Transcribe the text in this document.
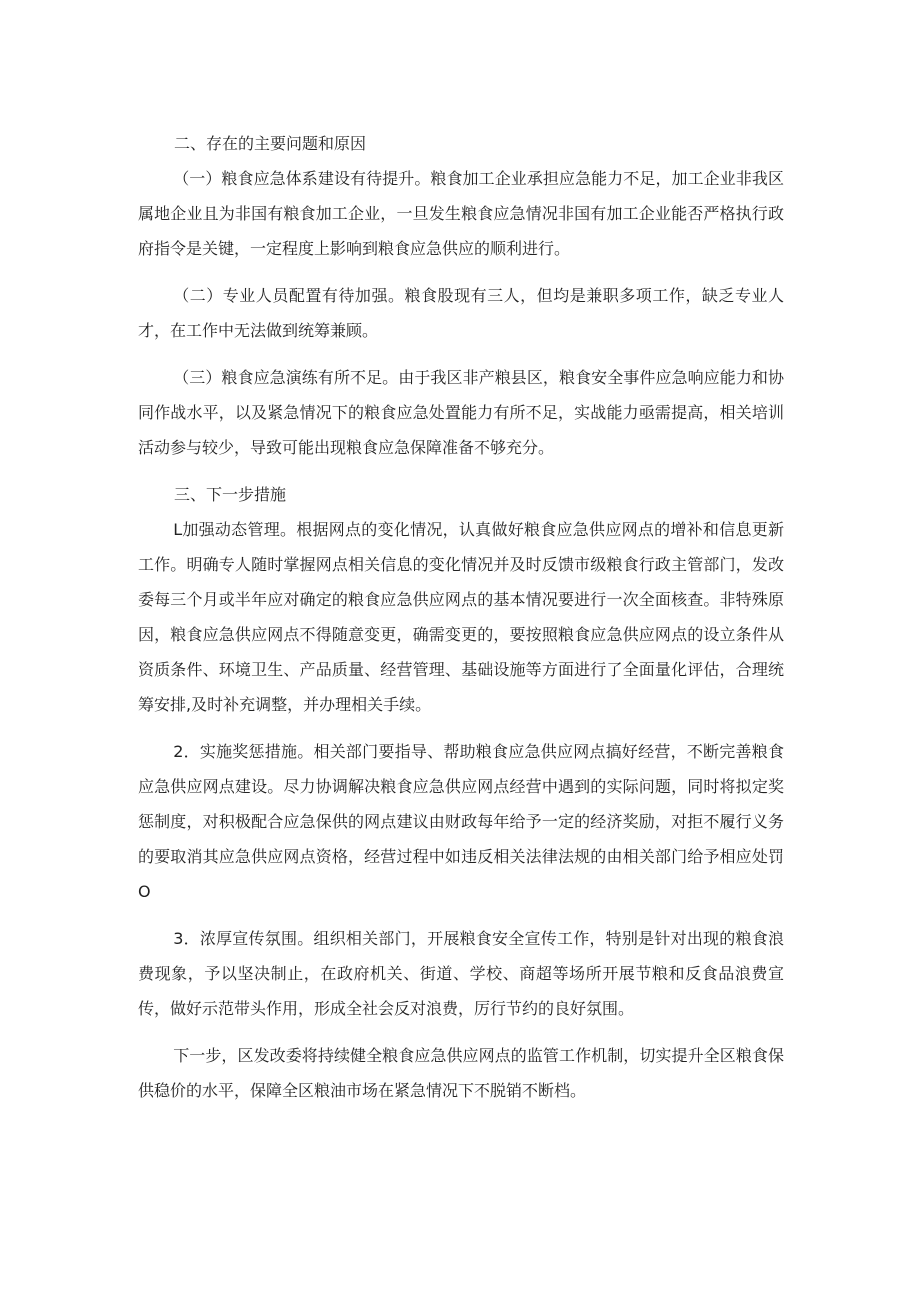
二、存在的主要问题和原因

（一）粮食应急体系建设有待提升。粮食加工企业承担应急能力不足，加工企业非我区属地企业且为非国有粮食加工企业，一旦发生粮食应急情况非国有加工企业能否严格执行政府指令是关键，一定程度上影响到粮食应急供应的顺利进行。

（二）专业人员配置有待加强。粮食股现有三人，但均是兼职多项工作，缺乏专业人才，在工作中无法做到统筹兼顾。

（三）粮食应急演练有所不足。由于我区非产粮县区，粮食安全事件应急响应能力和协同作战水平，以及紧急情况下的粮食应急处置能力有所不足，实战能力亟需提高，相关培训活动参与较少，导致可能出现粮食应急保障准备不够充分。

三、下一步措施

L加强动态管理。根据网点的变化情况，认真做好粮食应急供应网点的增补和信息更新工作。明确专人随时掌握网点相关信息的变化情况并及时反馈市级粮食行政主管部门，发改委每三个月或半年应对确定的粮食应急供应网点的基本情况要进行一次全面核查。非特殊原因，粮食应急供应网点不得随意变更，确需变更的，要按照粮食应急供应网点的设立条件从资质条件、环境卫生、产品质量、经营管理、基础设施等方面进行了全面量化评估，合理统筹安排,及时补充调整，并办理相关手续。

2．实施奖惩措施。相关部门要指导、帮助粮食应急供应网点搞好经营，不断完善粮食应急供应网点建设。尽力协调解决粮食应急供应网点经营中遇到的实际问题，同时将拟定奖惩制度，对积极配合应急保供的网点建议由财政每年给予一定的经济奖励，对拒不履行义务的要取消其应急供应网点资格，经营过程中如违反相关法律法规的由相关部门给予相应处罚O

3．浓厚宣传氛围。组织相关部门，开展粮食安全宣传工作，特别是针对出现的粮食浪费现象，予以坚决制止，在政府机关、街道、学校、商超等场所开展节粮和反食品浪费宣传，做好示范带头作用，形成全社会反对浪费，厉行节约的良好氛围。

下一步，区发改委将持续健全粮食应急供应网点的监管工作机制，切实提升全区粮食保供稳价的水平，保障全区粮油市场在紧急情况下不脱销不断档。
